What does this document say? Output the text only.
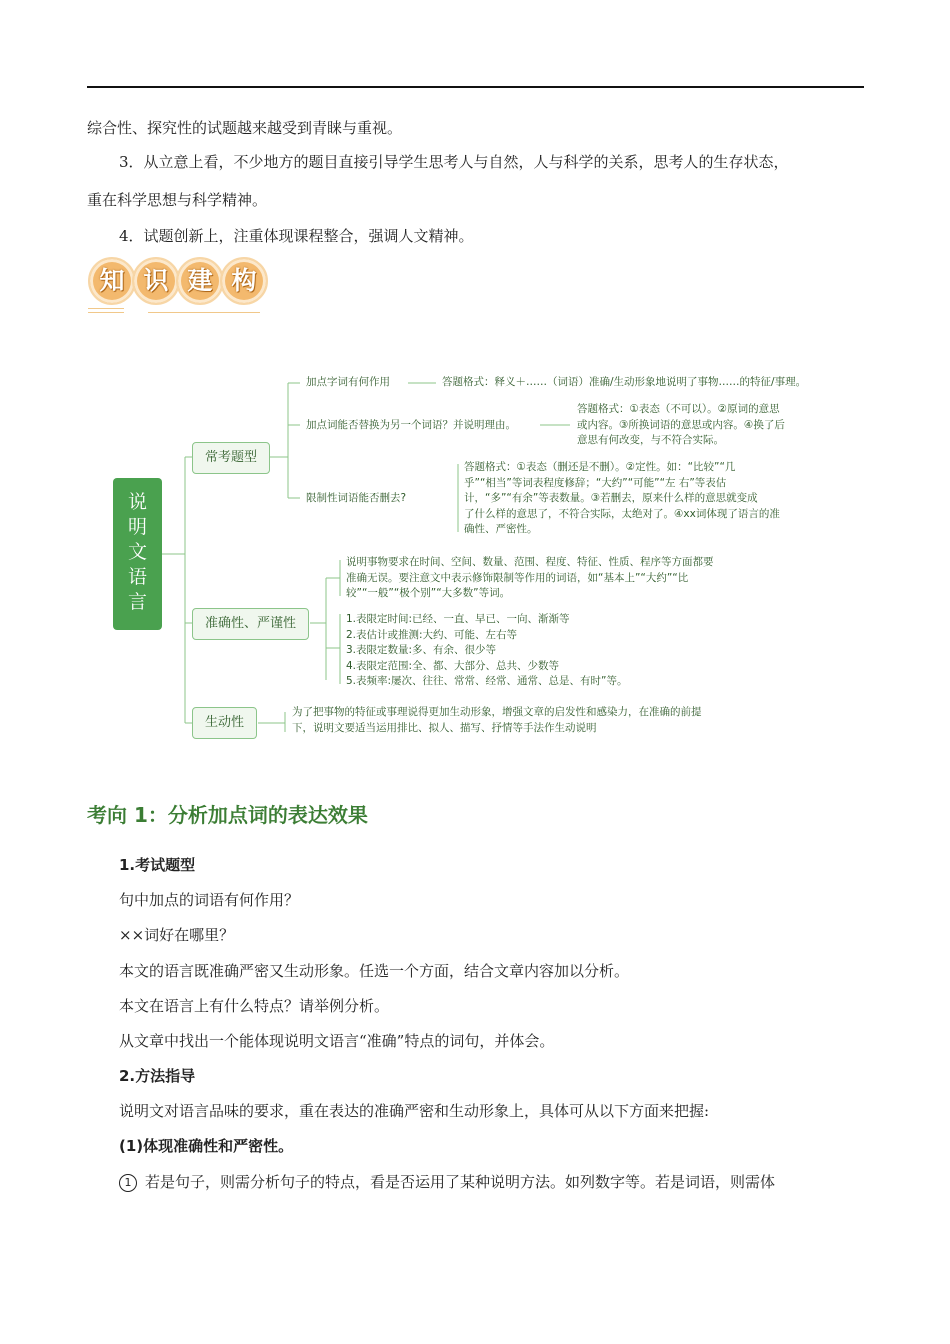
综合性、探究性的试题越来越受到青睐与重视。
3．从立意上看，不少地方的题目直接引导学生思考人与自然，人与科学的关系，思考人的生存状态，
重在科学思想与科学精神。
4．试题创新上，注重体现课程整合，强调人文精神。
知 识 建 构
说
明
文
语
言
常考题型
准确性、严谨性
生动性
加点字词有何作用	答题格式：释义＋……（词语）准确/生动形象地说明了事物……的特征/事理。
加点词能否替换为另一个词语？并说明理由。
答题格式：①表态（不可以）。②原词的意思
或内容。③所换词语的意思或内容。④换了后
意思有何改变，与不符合实际。
限制性词语能否删去?
答题格式：①表态（删还是不删）。②定性。如：“比较”“几
乎”“相当”等词表程度修辞；“大约”“可能”“左 右”等表估
计，“多”“有余”等表数量。③若删去，原来什么样的意思就变成
了什么样的意思了，不符合实际，太绝对了。④xx词体现了语言的准
确性、严密性。
说明事物要求在时间、空间、数量、范围、程度、特征、性质、程序等方面都要
准确无误。要注意文中表示修饰限制等作用的词语，如“基本上”“大约”“比
较”“一般”“极个别”“大多数”等词。
1.表限定时间:已经、一直、早已、一向、渐渐等
2.表估计或推测:大约、可能、左右等
3.表限定数量:多、有余、很少等
4.表限定范围:全、都、大部分、总共、少数等
5.表频率:屡次、往往、常常、经常、通常、总是、有时”等。
为了把事物的特征或事理说得更加生动形象，增强文章的启发性和感染力，在准确的前提
下，说明文要适当运用排比、拟人、描写、抒情等手法作生动说明
考向 1：分析加点词的表达效果
1.考试题型
句中加点的词语有何作用？
××词好在哪里？
本文的语言既准确严密又生动形象。任选一个方面，结合文章内容加以分析。
本文在语言上有什么特点？请举例分析。
从文章中找出一个能体现说明文语言“准确”特点的词句，并体会。
2.方法指导
说明文对语言品味的要求，重在表达的准确严密和生动形象上，具体可从以下方面来把握:
(1)体现准确性和严密性。
1 若是句子，则需分析句子的特点，看是否运用了某种说明方法。如列数字等。若是词语，则需体
